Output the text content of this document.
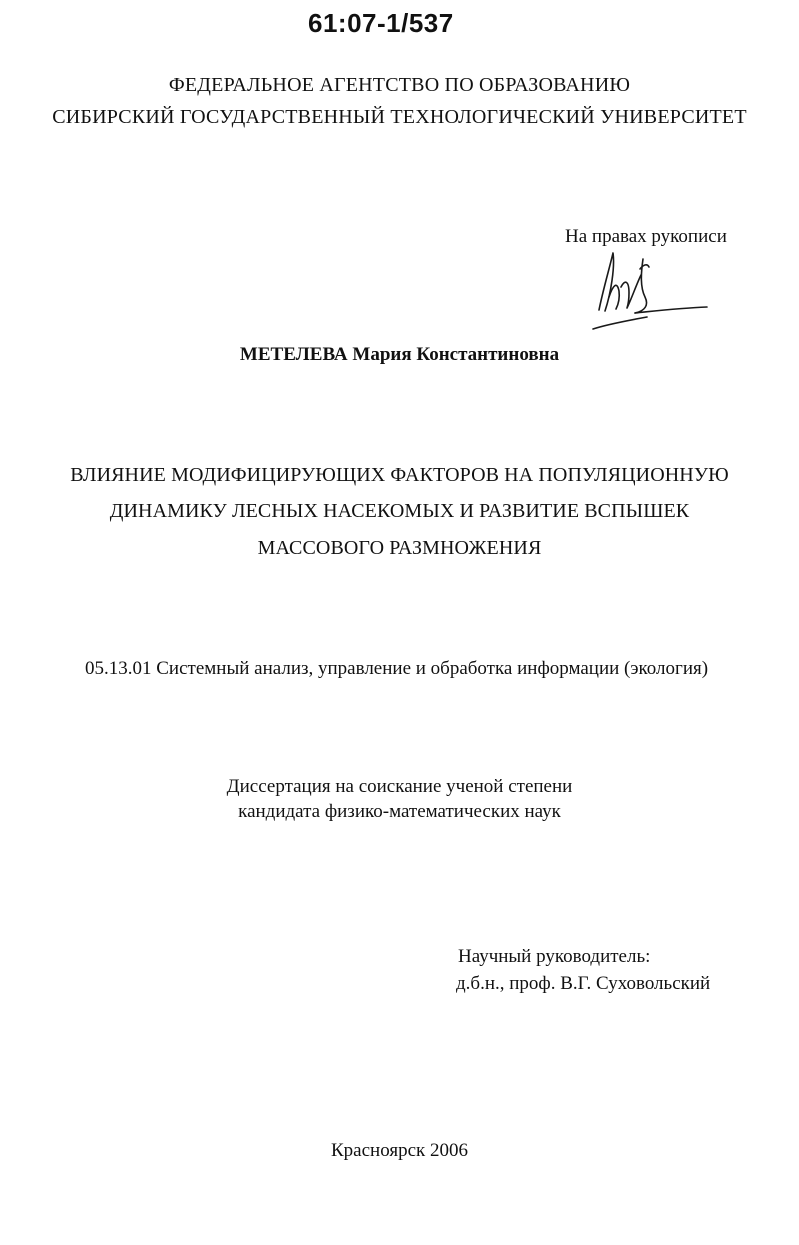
61:07-1/537
ФЕДЕРАЛЬНОЕ АГЕНТСТВО ПО ОБРАЗОВАНИЮ
СИБИРСКИЙ ГОСУДАРСТВЕННЫЙ ТЕХНОЛОГИЧЕСКИЙ УНИВЕРСИТЕТ
На правах рукописи
МЕТЕЛЕВА Мария Константиновна
ВЛИЯНИЕ МОДИФИЦИРУЮЩИХ ФАКТОРОВ НА ПОПУЛЯЦИОННУЮ
ДИНАМИКУ ЛЕСНЫХ НАСЕКОМЫХ И РАЗВИТИЕ ВСПЫШЕК
МАССОВОГО РАЗМНОЖЕНИЯ
05.13.01 Системный анализ, управление и обработка информации (экология)
Диссертация на соискание ученой степени
кандидата физико-математических наук
Научный руководитель:
д.б.н., проф. В.Г. Суховольский
Красноярск 2006
